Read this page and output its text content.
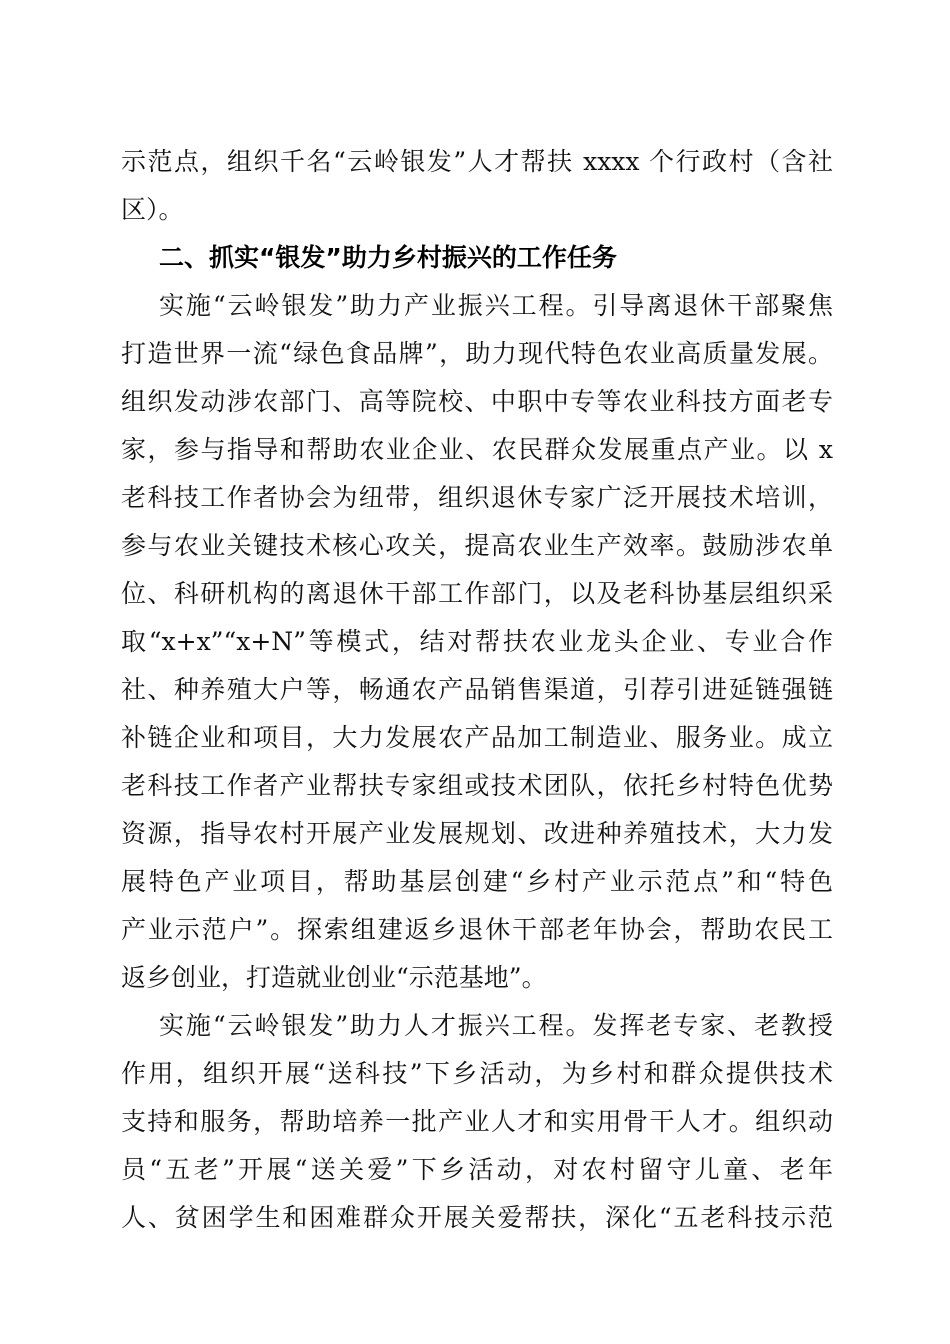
示范点，组织千名“云岭银发”人才帮扶 xxxx 个行政村（含社
区）。
二、抓实“银发”助力乡村振兴的工作任务
实施“云岭银发”助力产业振兴工程。引导离退休干部聚焦
打造世界一流“绿色食品牌”，助力现代特色农业高质量发展。
组织发动涉农部门、高等院校、中职中专等农业科技方面老专
家，参与指导和帮助农业企业、农民群众发展重点产业。以 x
老科技工作者协会为纽带，组织退休专家广泛开展技术培训，
参与农业关键技术核心攻关，提高农业生产效率。鼓励涉农单
位、科研机构的离退休干部工作部门，以及老科协基层组织采
取“x+x”“x+N”等模式，结对帮扶农业龙头企业、专业合作
社、种养殖大户等，畅通农产品销售渠道，引荐引进延链强链
补链企业和项目，大力发展农产品加工制造业、服务业。成立
老科技工作者产业帮扶专家组或技术团队，依托乡村特色优势
资源，指导农村开展产业发展规划、改进种养殖技术，大力发
展特色产业项目，帮助基层创建“乡村产业示范点”和“特色
产业示范户”。探索组建返乡退休干部老年协会，帮助农民工
返乡创业，打造就业创业“示范基地”。
实施“云岭银发”助力人才振兴工程。发挥老专家、老教授
作用，组织开展“送科技”下乡活动，为乡村和群众提供技术
支持和服务，帮助培养一批产业人才和实用骨干人才。组织动
员“五老”开展“送关爱”下乡活动，对农村留守儿童、老年
人、贫困学生和困难群众开展关爱帮扶，深化“五老科技示范
